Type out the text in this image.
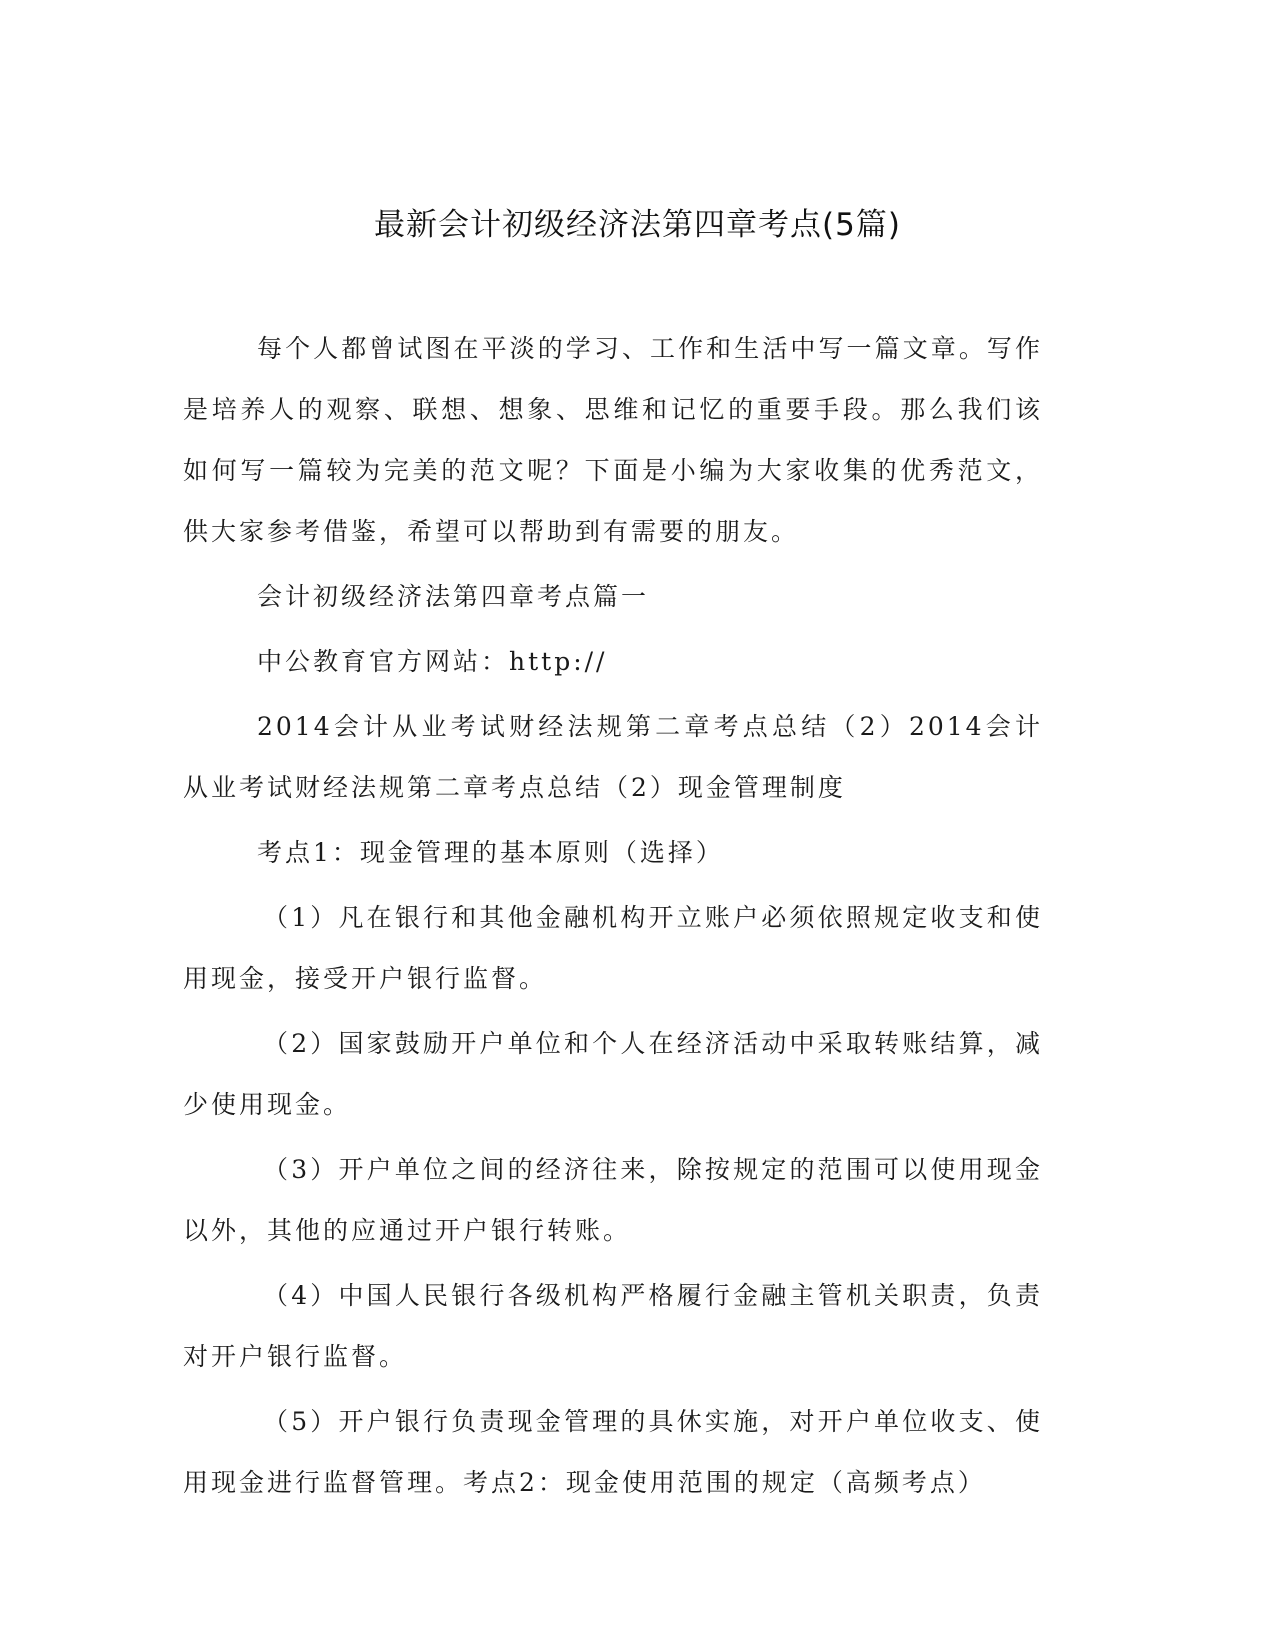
最新会计初级经济法第四章考点(5篇)

每个人都曾试图在平淡的学习、工作和生活中写一篇文章。写作是培养人的观察、联想、想象、思维和记忆的重要手段。那么我们该如何写一篇较为完美的范文呢？下面是小编为大家收集的优秀范文，供大家参考借鉴，希望可以帮助到有需要的朋友。

会计初级经济法第四章考点篇一

中公教育官方网站：http://

2014会计从业考试财经法规第二章考点总结（2）2014会计从业考试财经法规第二章考点总结（2）现金管理制度

考点1：现金管理的基本原则（选择）

（1）凡在银行和其他金融机构开立账户必须依照规定收支和使用现金，接受开户银行监督。

（2）国家鼓励开户单位和个人在经济活动中采取转账结算，减少使用现金。

（3）开户单位之间的经济往来，除按规定的范围可以使用现金以外，其他的应通过开户银行转账。

（4）中国人民银行各级机构严格履行金融主管机关职责，负责对开户银行监督。

（5）开户银行负责现金管理的具休实施，对开户单位收支、使用现金进行监督管理。考点2：现金使用范围的规定（高频考点）
